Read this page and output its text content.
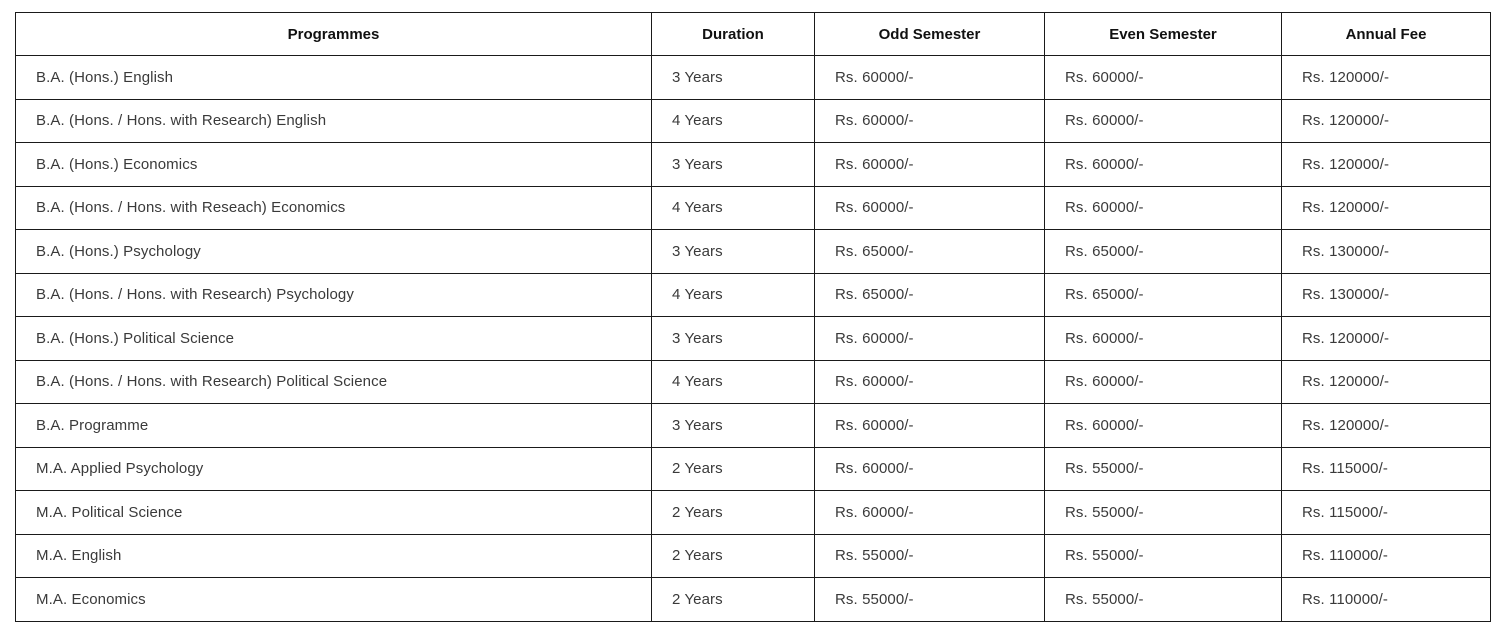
Programmes	Duration	Odd Semester	Even Semester	Annual Fee
B.A. (Hons.) English	3 Years	Rs. 60000/-	Rs. 60000/-	Rs. 120000/-
B.A. (Hons. / Hons. with Research) English	4 Years	Rs. 60000/-	Rs. 60000/-	Rs. 120000/-
B.A. (Hons.) Economics	3 Years	Rs. 60000/-	Rs. 60000/-	Rs. 120000/-
B.A. (Hons. / Hons. with Reseach) Economics	4 Years	Rs. 60000/-	Rs. 60000/-	Rs. 120000/-
B.A. (Hons.) Psychology	3 Years	Rs. 65000/-	Rs. 65000/-	Rs. 130000/-
B.A. (Hons. / Hons. with Research) Psychology	4 Years	Rs. 65000/-	Rs. 65000/-	Rs. 130000/-
B.A. (Hons.) Political Science	3 Years	Rs. 60000/-	Rs. 60000/-	Rs. 120000/-
B.A. (Hons. / Hons. with Research) Political Science	4 Years	Rs. 60000/-	Rs. 60000/-	Rs. 120000/-
B.A. Programme	3 Years	Rs. 60000/-	Rs. 60000/-	Rs. 120000/-
M.A. Applied Psychology	2 Years	Rs. 60000/-	Rs. 55000/-	Rs. 115000/-
M.A. Political Science	2 Years	Rs. 60000/-	Rs. 55000/-	Rs. 115000/-
M.A. English	2 Years	Rs. 55000/-	Rs. 55000/-	Rs. 110000/-
M.A. Economics	2 Years	Rs. 55000/-	Rs. 55000/-	Rs. 110000/-
